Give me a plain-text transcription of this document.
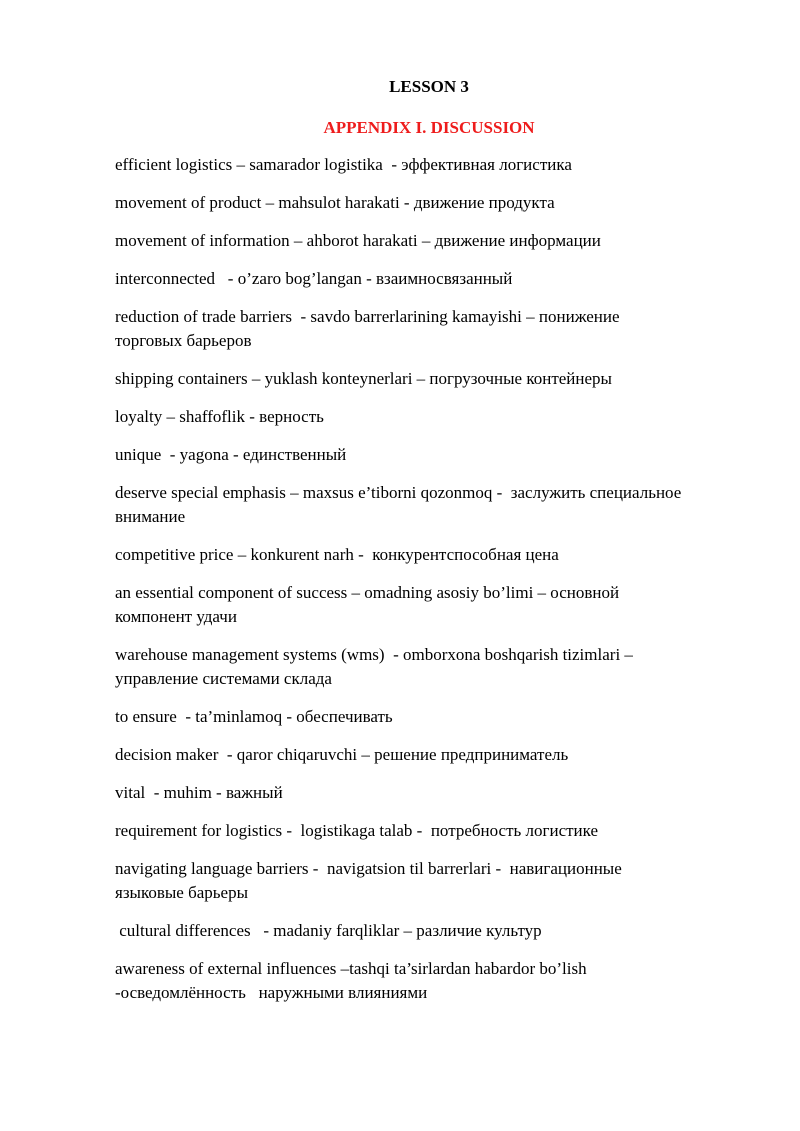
LESSON 3
APPENDIX I. DISCUSSION
efficient logistics – samarador logistika  - эффективная логистика
movement of product – mahsulot harakati - движение продукта
movement of information – ahborot harakati – движение информации
interconnected   - o’zaro bog’langan - взаимносвязанный
reduction of trade barriers  - savdo barrerlarining kamayishi – понижение
торговых барьеров
shipping containers – yuklash konteynerlari – погрузочные контейнеры
loyalty – shaffoflik - верность
unique  - yagona - единственный
deserve special emphasis – maxsus e’tiborni qozonmoq -  заслужить специальное
внимание
competitive price – konkurent narh -  конкурентспособная цена
an essential component of success – omadning asosiy bo’limi – основной
компонент удачи
warehouse management systems (wms)  - omborxona boshqarish tizimlari –
управление системами склада
to ensure  - ta’minlamoq - обеспечивать
decision maker  - qaror chiqaruvchi – решение предприниматель
vital  - muhim - важный
requirement for logistics -  logistikaga talab -  потребность логистике
navigating language barriers -  navigatsion til barrerlari -  навигационные
языковые барьеры
cultural differences   - madaniy farqliklar – различие культур
awareness of external influences –tashqi ta’sirlardan habardor bo’lish
-осведомлённость   наружными влияниями
